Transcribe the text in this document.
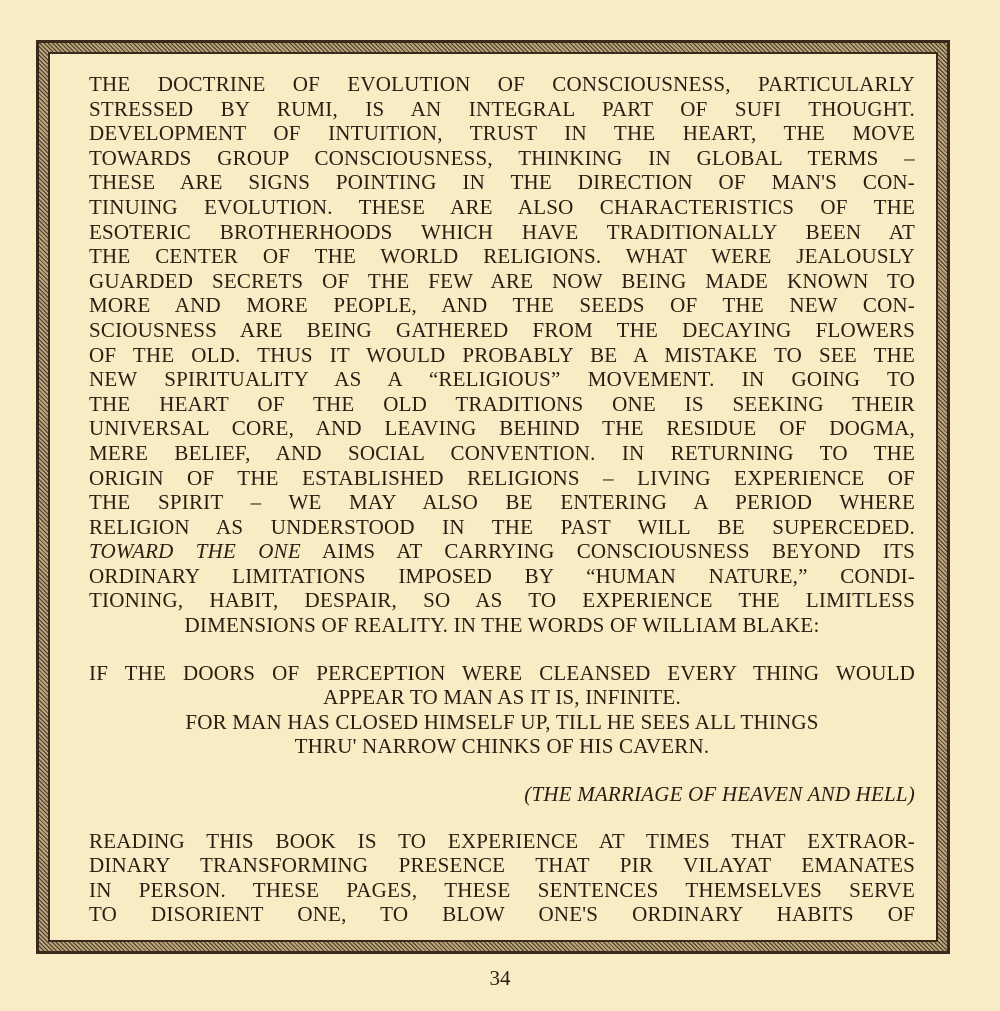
THE DOCTRINE OF EVOLUTION OF CONSCIOUSNESS, PARTICULARLY
STRESSED BY RUMI, IS AN INTEGRAL PART OF SUFI THOUGHT.
DEVELOPMENT OF INTUITION, TRUST IN THE HEART, THE MOVE
TOWARDS GROUP CONSCIOUSNESS, THINKING IN GLOBAL TERMS –
THESE ARE SIGNS POINTING IN THE DIRECTION OF MAN'S CON-
TINUING EVOLUTION. THESE ARE ALSO CHARACTERISTICS OF THE
ESOTERIC BROTHERHOODS WHICH HAVE TRADITIONALLY BEEN AT
THE CENTER OF THE WORLD RELIGIONS. WHAT WERE JEALOUSLY
GUARDED SECRETS OF THE FEW ARE NOW BEING MADE KNOWN TO
MORE AND MORE PEOPLE, AND THE SEEDS OF THE NEW CON-
SCIOUSNESS ARE BEING GATHERED FROM THE DECAYING FLOWERS
OF THE OLD. THUS IT WOULD PROBABLY BE A MISTAKE TO SEE THE
NEW SPIRITUALITY AS A “RELIGIOUS” MOVEMENT. IN GOING TO
THE HEART OF THE OLD TRADITIONS ONE IS SEEKING THEIR
UNIVERSAL CORE, AND LEAVING BEHIND THE RESIDUE OF DOGMA,
MERE BELIEF, AND SOCIAL CONVENTION. IN RETURNING TO THE
ORIGIN OF THE ESTABLISHED RELIGIONS – LIVING EXPERIENCE OF
THE SPIRIT – WE MAY ALSO BE ENTERING A PERIOD WHERE
RELIGION AS UNDERSTOOD IN THE PAST WILL BE SUPERCEDED.
TOWARD THE ONE AIMS AT CARRYING CONSCIOUSNESS BEYOND ITS
ORDINARY LIMITATIONS IMPOSED BY “HUMAN NATURE,” CONDI-
TIONING, HABIT, DESPAIR, SO AS TO EXPERIENCE THE LIMITLESS
DIMENSIONS OF REALITY. IN THE WORDS OF WILLIAM BLAKE:
IF THE DOORS OF PERCEPTION WERE CLEANSED EVERY THING WOULD
APPEAR TO MAN AS IT IS, INFINITE.
FOR MAN HAS CLOSED HIMSELF UP, TILL HE SEES ALL THINGS
THRU' NARROW CHINKS OF HIS CAVERN.
(THE MARRIAGE OF HEAVEN AND HELL)
READING THIS BOOK IS TO EXPERIENCE AT TIMES THAT EXTRAOR-
DINARY TRANSFORMING PRESENCE THAT PIR VILAYAT EMANATES
IN PERSON. THESE PAGES, THESE SENTENCES THEMSELVES SERVE
TO DISORIENT ONE, TO BLOW ONE'S ORDINARY HABITS OF
34
